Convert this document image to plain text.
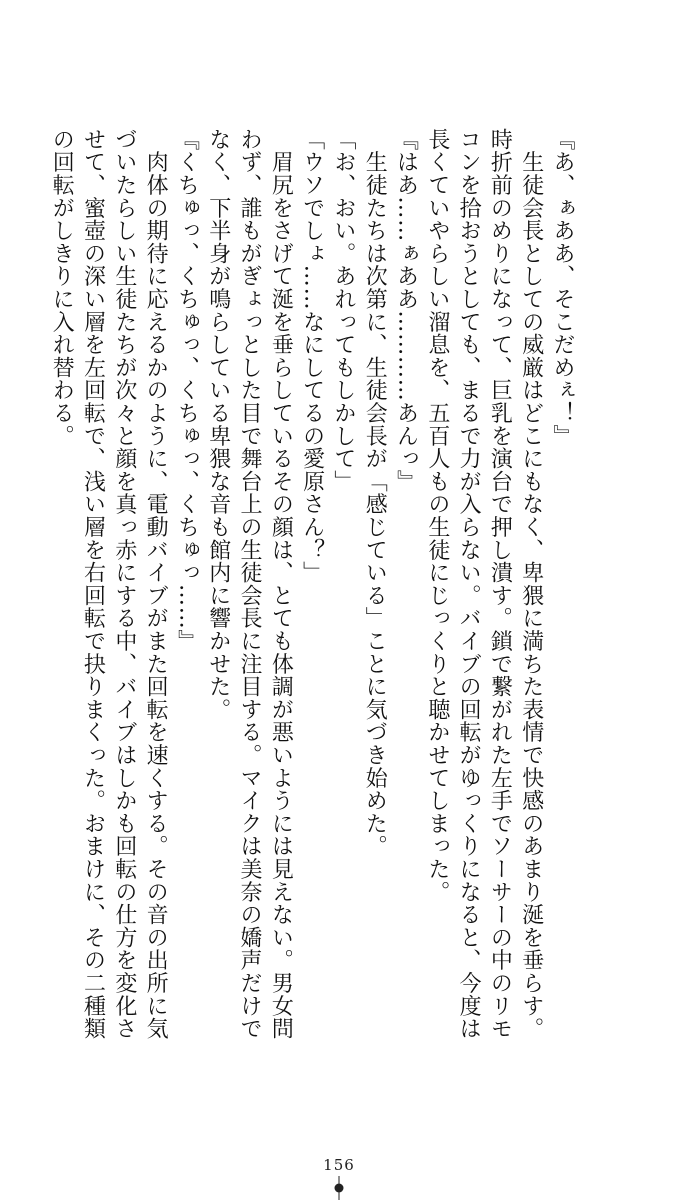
『あ、ぁああ、そこだめぇ！』
　生徒会長としての威厳はどこにもなく、卑猥に満ちた表情で快感のあまり涎を垂らす。
時折前のめりになって、巨乳を演台で押し潰す。鎖で繋がれた左手でソーサーの中のリモ
コンを拾おうとしても、まるで力が入らない。バイブの回転がゆっくりになると、今度は
長くていやらしい溜息を、五百人もの生徒にじっくりと聴かせてしまった。
『はあ……ぁああ…………あんっ』
　生徒たちは次第に、生徒会長が「感じている」ことに気づき始めた。
「お、おい。あれってもしかして」
「ウソでしょ……なにしてるの愛原さん？」
　眉尻をさげて涎を垂らしているその顔は、とても体調が悪いようには見えない。男女問
わず、誰もがぎょっとした目で舞台上の生徒会長に注目する。マイクは美奈の嬌声だけで
なく、下半身が鳴らしている卑猥な音も館内に響かせた。
『くちゅっ、くちゅっ、くちゅっ、くちゅっ……』
　肉体の期待に応えるかのように、電動バイブがまた回転を速くする。その音の出所に気
づいたらしい生徒たちが次々と顔を真っ赤にする中、バイブはしかも回転の仕方を変化さ
せて、蜜壺の深い層を左回転で、浅い層を右回転で抉りまくった。おまけに、その二種類
の回転がしきりに入れ替わる。
156
